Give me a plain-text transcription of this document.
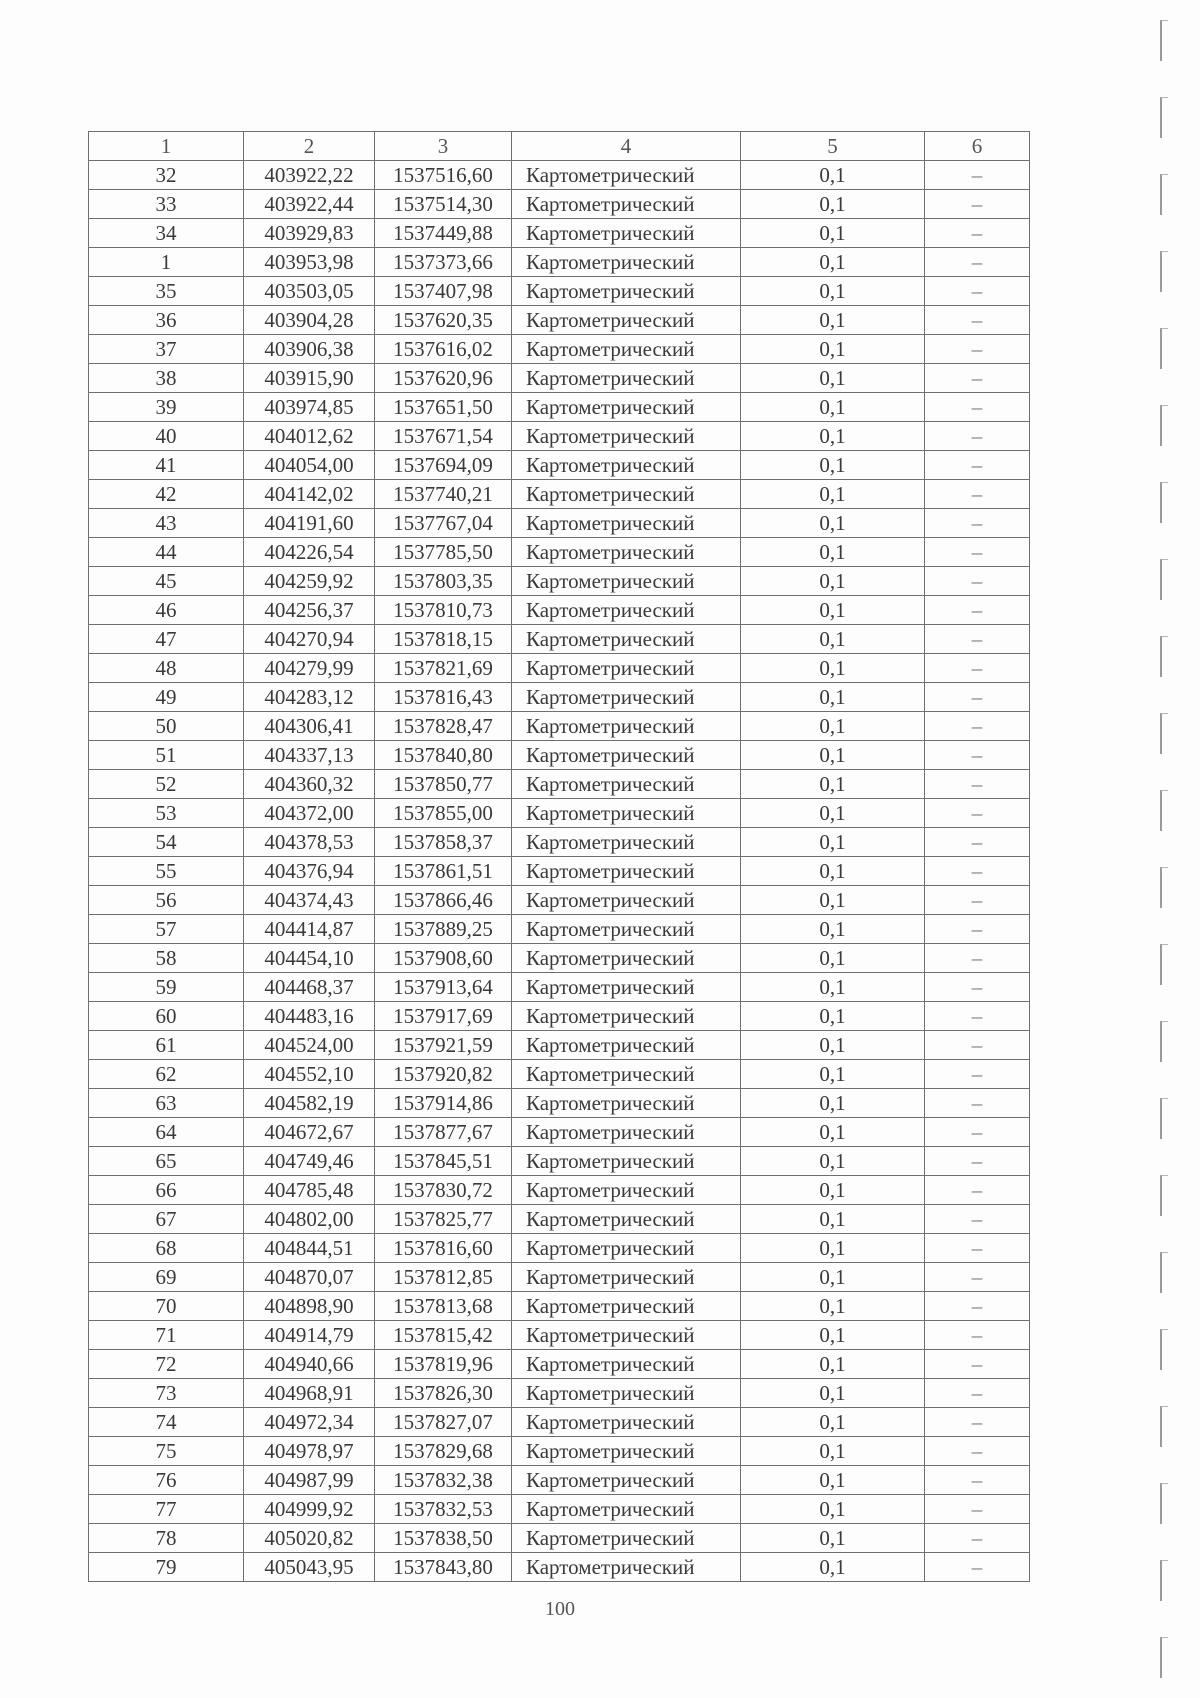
1	2	3	4	5	6
32	403922,22	1537516,60	Картометрический	0,1	–
33	403922,44	1537514,30	Картометрический	0,1	–
34	403929,83	1537449,88	Картометрический	0,1	–
1	403953,98	1537373,66	Картометрический	0,1	–
35	403503,05	1537407,98	Картометрический	0,1	–
36	403904,28	1537620,35	Картометрический	0,1	–
37	403906,38	1537616,02	Картометрический	0,1	–
38	403915,90	1537620,96	Картометрический	0,1	–
39	403974,85	1537651,50	Картометрический	0,1	–
40	404012,62	1537671,54	Картометрический	0,1	–
41	404054,00	1537694,09	Картометрический	0,1	–
42	404142,02	1537740,21	Картометрический	0,1	–
43	404191,60	1537767,04	Картометрический	0,1	–
44	404226,54	1537785,50	Картометрический	0,1	–
45	404259,92	1537803,35	Картометрический	0,1	–
46	404256,37	1537810,73	Картометрический	0,1	–
47	404270,94	1537818,15	Картометрический	0,1	–
48	404279,99	1537821,69	Картометрический	0,1	–
49	404283,12	1537816,43	Картометрический	0,1	–
50	404306,41	1537828,47	Картометрический	0,1	–
51	404337,13	1537840,80	Картометрический	0,1	–
52	404360,32	1537850,77	Картометрический	0,1	–
53	404372,00	1537855,00	Картометрический	0,1	–
54	404378,53	1537858,37	Картометрический	0,1	–
55	404376,94	1537861,51	Картометрический	0,1	–
56	404374,43	1537866,46	Картометрический	0,1	–
57	404414,87	1537889,25	Картометрический	0,1	–
58	404454,10	1537908,60	Картометрический	0,1	–
59	404468,37	1537913,64	Картометрический	0,1	–
60	404483,16	1537917,69	Картометрический	0,1	–
61	404524,00	1537921,59	Картометрический	0,1	–
62	404552,10	1537920,82	Картометрический	0,1	–
63	404582,19	1537914,86	Картометрический	0,1	–
64	404672,67	1537877,67	Картометрический	0,1	–
65	404749,46	1537845,51	Картометрический	0,1	–
66	404785,48	1537830,72	Картометрический	0,1	–
67	404802,00	1537825,77	Картометрический	0,1	–
68	404844,51	1537816,60	Картометрический	0,1	–
69	404870,07	1537812,85	Картометрический	0,1	–
70	404898,90	1537813,68	Картометрический	0,1	–
71	404914,79	1537815,42	Картометрический	0,1	–
72	404940,66	1537819,96	Картометрический	0,1	–
73	404968,91	1537826,30	Картометрический	0,1	–
74	404972,34	1537827,07	Картометрический	0,1	–
75	404978,97	1537829,68	Картометрический	0,1	–
76	404987,99	1537832,38	Картометрический	0,1	–
77	404999,92	1537832,53	Картометрический	0,1	–
78	405020,82	1537838,50	Картометрический	0,1	–
79	405043,95	1537843,80	Картометрический	0,1	–
100
